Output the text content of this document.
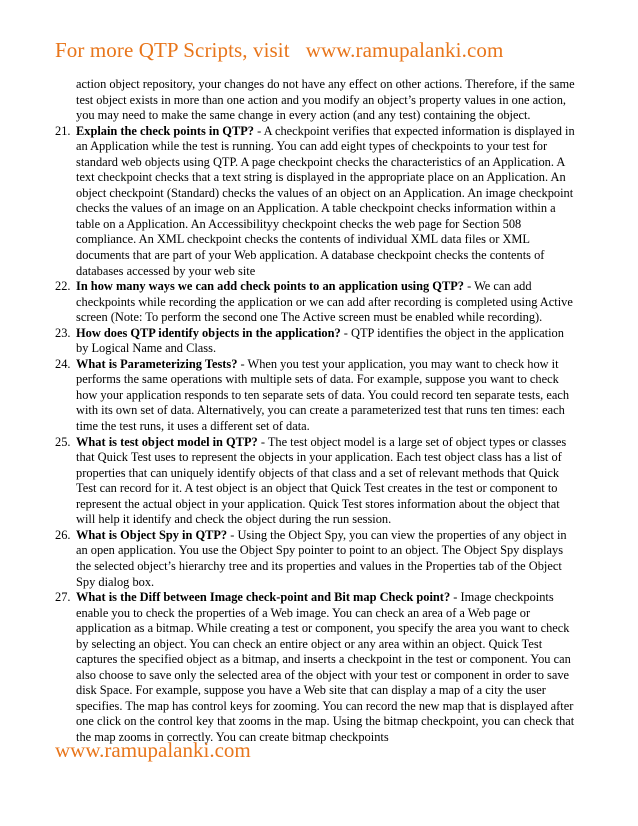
For more QTP Scripts, visit www.ramupalanki.com

action object repository, your changes do not have any effect on other actions. Therefore, if the same test object exists in more than one action and you modify an object’s property values in one action, you may need to make the same change in every action (and any test) containing the object.

21. Explain the check points in QTP? - A checkpoint verifies that expected information is displayed in an Application while the test is running. You can add eight types of checkpoints to your test for standard web objects using QTP. A page checkpoint checks the characteristics of an Application. A text checkpoint checks that a text string is displayed in the appropriate place on an Application. An object checkpoint (Standard) checks the values of an object on an Application. An image checkpoint checks the values of an image on an Application. A table checkpoint checks information within a table on a Application. An Accessibilityy checkpoint checks the web page for Section 508 compliance. An XML checkpoint checks the contents of individual XML data files or XML documents that are part of your Web application. A database checkpoint checks the contents of databases accessed by your web site

22. In how many ways we can add check points to an application using QTP? - We can add checkpoints while recording the application or we can add after recording is completed using Active screen (Note: To perform the second one The Active screen must be enabled while recording).

23. How does QTP identify objects in the application? - QTP identifies the object in the application by Logical Name and Class.

24. What is Parameterizing Tests? - When you test your application, you may want to check how it performs the same operations with multiple sets of data. For example, suppose you want to check how your application responds to ten separate sets of data. You could record ten separate tests, each with its own set of data. Alternatively, you can create a parameterized test that runs ten times: each time the test runs, it uses a different set of data.

25. What is test object model in QTP? - The test object model is a large set of object types or classes that Quick Test uses to represent the objects in your application. Each test object class has a list of properties that can uniquely identify objects of that class and a set of relevant methods that Quick Test can record for it. A test object is an object that Quick Test creates in the test or component to represent the actual object in your application. Quick Test stores information about the object that will help it identify and check the object during the run session.

26. What is Object Spy in QTP? - Using the Object Spy, you can view the properties of any object in an open application. You use the Object Spy pointer to point to an object. The Object Spy displays the selected object’s hierarchy tree and its properties and values in the Properties tab of the Object Spy dialog box.

27. What is the Diff between Image check-point and Bit map Check point? - Image checkpoints enable you to check the properties of a Web image. You can check an area of a Web page or application as a bitmap. While creating a test or component, you specify the area you want to check by selecting an object. You can check an entire object or any area within an object. Quick Test captures the specified object as a bitmap, and inserts a checkpoint in the test or component. You can also choose to save only the selected area of the object with your test or component in order to save disk Space. For example, suppose you have a Web site that can display a map of a city the user specifies. The map has control keys for zooming. You can record the new map that is displayed after one click on the control key that zooms in the map. Using the bitmap checkpoint, you can check that the map zooms in correctly. You can create bitmap checkpoints

www.ramupalanki.com
